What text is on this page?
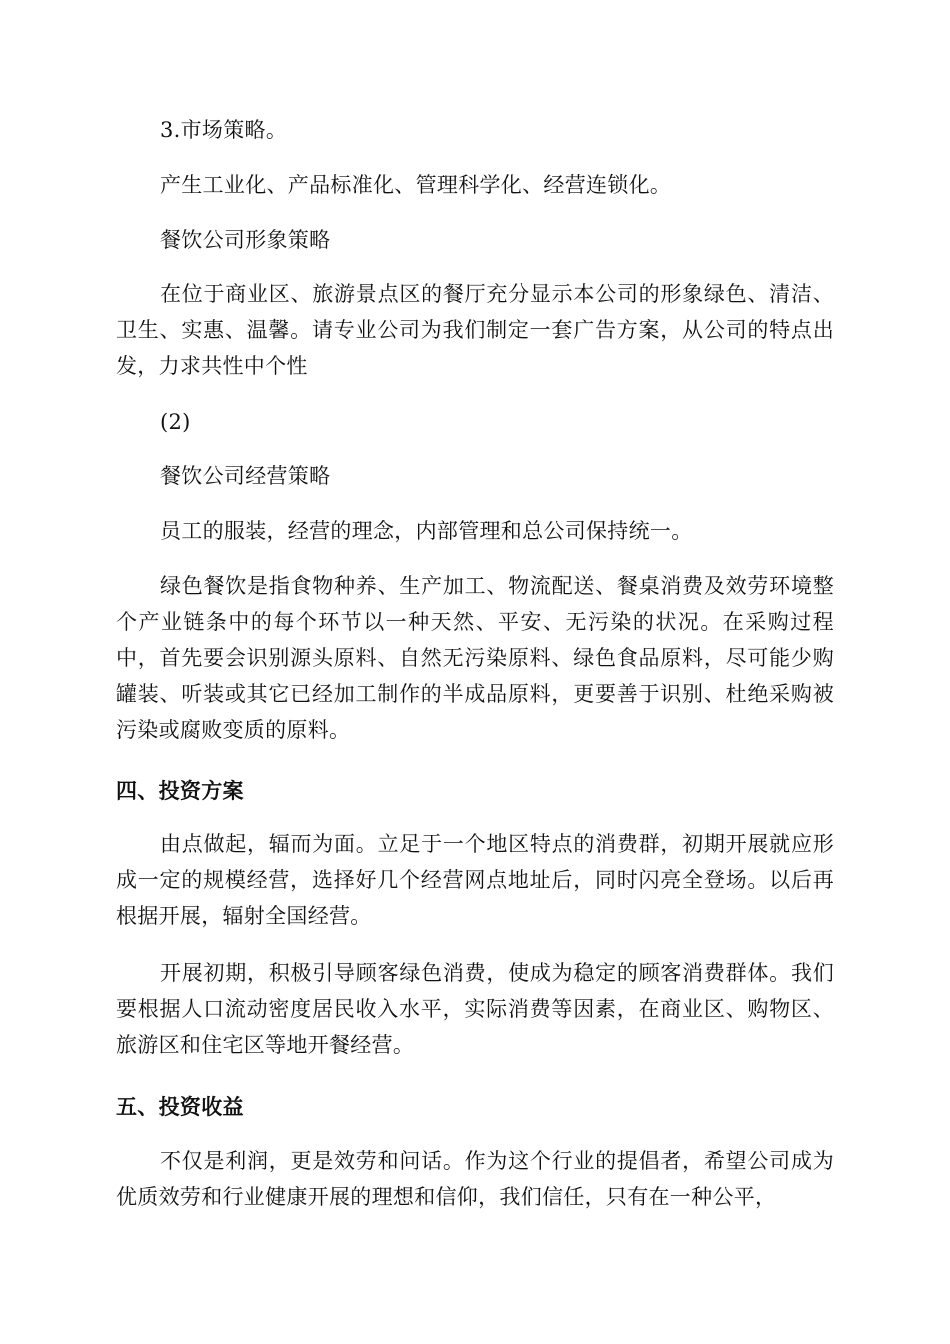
3.市场策略。

产生工业化、产品标准化、管理科学化、经营连锁化。

餐饮公司形象策略

在位于商业区、旅游景点区的餐厅充分显示本公司的形象绿色、清洁、卫生、实惠、温馨。请专业公司为我们制定一套广告方案，从公司的特点出发，力求共性中个性

(2)

餐饮公司经营策略

员工的服装，经营的理念，内部管理和总公司保持统一。

绿色餐饮是指食物种养、生产加工、物流配送、餐桌消费及效劳环境整个产业链条中的每个环节以一种天然、平安、无污染的状况。在采购过程中，首先要会识别源头原料、自然无污染原料、绿色食品原料，尽可能少购罐装、听装或其它已经加工制作的半成品原料，更要善于识别、杜绝采购被污染或腐败变质的原料。

四、投资方案

由点做起，辐而为面。立足于一个地区特点的消费群，初期开展就应形成一定的规模经营，选择好几个经营网点地址后，同时闪亮全登场。以后再根据开展，辐射全国经营。

开展初期，积极引导顾客绿色消费，使成为稳定的顾客消费群体。我们要根据人口流动密度居民收入水平，实际消费等因素，在商业区、购物区、旅游区和住宅区等地开餐经营。

五、投资收益

不仅是利润，更是效劳和问话。作为这个行业的提倡者，希望公司成为优质效劳和行业健康开展的理想和信仰，我们信任，只有在一种公平，
